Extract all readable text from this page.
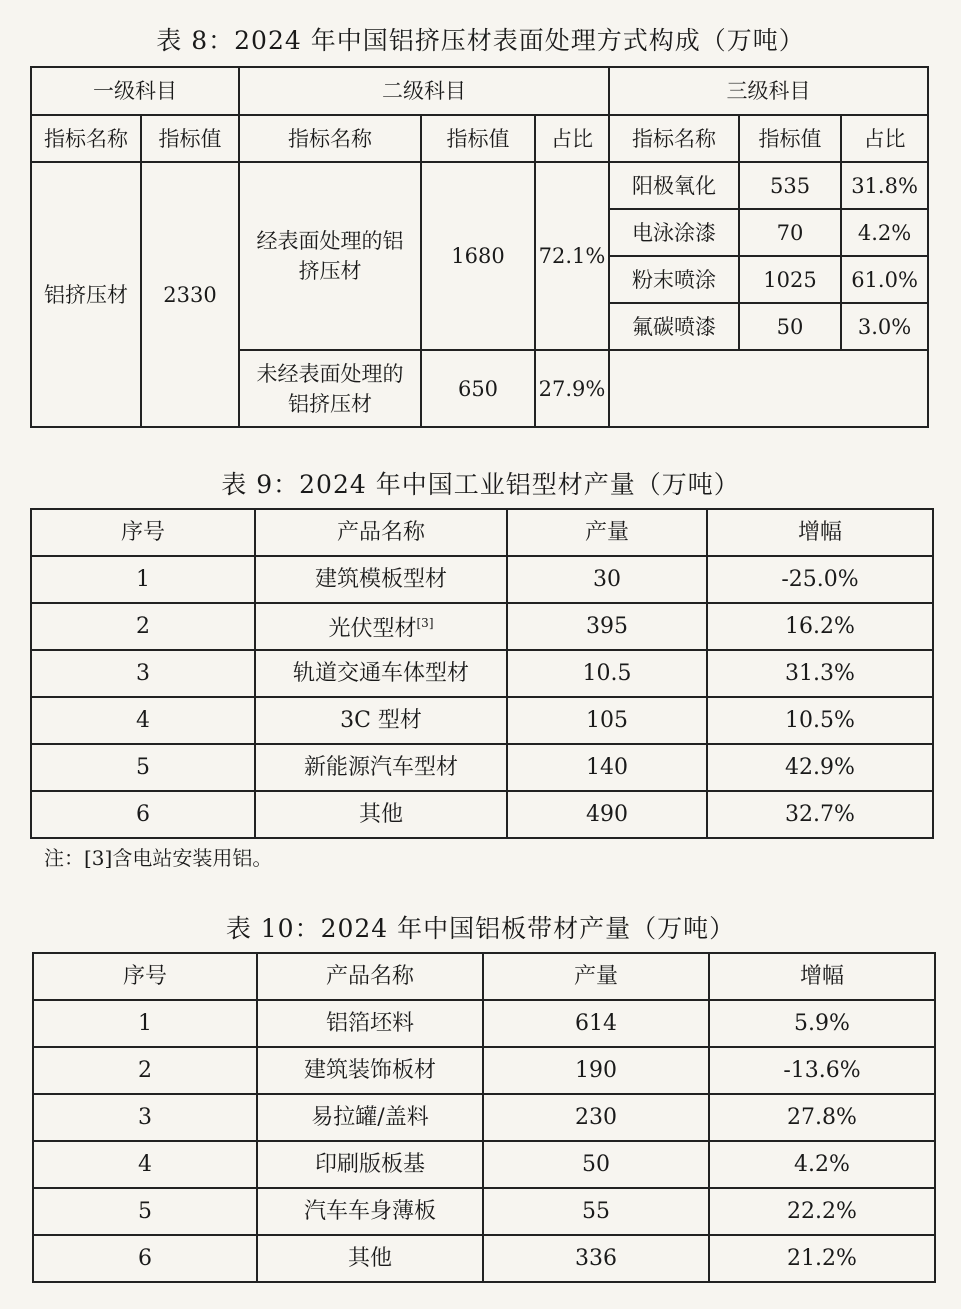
表 8：2024 年中国铝挤压材表面处理方式构成（万吨）
一级科目		二级科目			三级科目		
指标名称	指标值	指标名称	指标值	占比	指标名称	指标值	占比
铝挤压材	2330	经表面处理的铝挤压材	1680	72.1%	阳极氧化	535	31.8%
					电泳涂漆	70	4.2%
					粉末喷涂	1025	61.0%
					氟碳喷漆	50	3.0%
		未经表面处理的铝挤压材	650	27.9%			
表 9：2024 年中国工业铝型材产量（万吨）
序号	产品名称	产量	增幅
1	建筑模板型材	30	-25.0%
2	光伏型材[3]	395	16.2%
3	轨道交通车体型材	10.5	31.3%
4	3C 型材	105	10.5%
5	新能源汽车型材	140	42.9%
6	其他	490	32.7%
注：[3]含电站安装用铝。
表 10：2024 年中国铝板带材产量（万吨）
序号	产品名称	产量	增幅
1	铝箔坯料	614	5.9%
2	建筑装饰板材	190	-13.6%
3	易拉罐/盖料	230	27.8%
4	印刷版板基	50	4.2%
5	汽车车身薄板	55	22.2%
6	其他	336	21.2%
